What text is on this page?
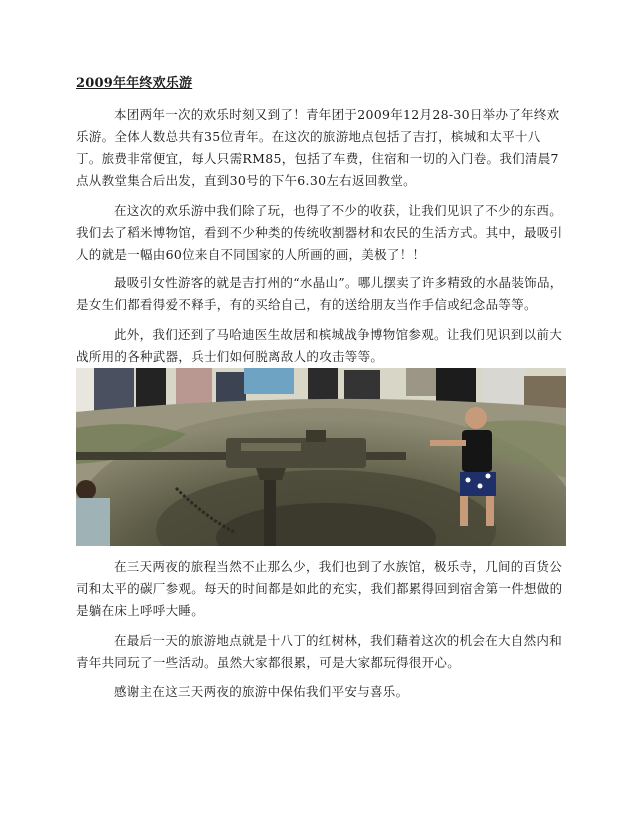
2009年年终欢乐游

本团两年一次的欢乐时刻又到了！青年团于2009年12月28-30日举办了年终欢乐游。全体人数总共有35位青年。在这次的旅游地点包括了吉打，槟城和太平十八丁。旅费非常便宜，每人只需RM85，包括了车费，住宿和一切的入门卷。我们清晨7点从教堂集合后出发，直到30号的下午6.30左右返回教堂。

在这次的欢乐游中我们除了玩，也得了不少的收获，让我们见识了不少的东西。我们去了稻米博物馆，看到不少种类的传统收割器材和农民的生活方式。其中，最吸引人的就是一幅由60位来自不同国家的人所画的画，美极了！！

最吸引女性游客的就是吉打州的“水晶山”。哪儿摆卖了许多精致的水晶装饰品，是女生们都看得爱不释手，有的买给自己，有的送给朋友当作手信或纪念品等等。

此外，我们还到了马哈迪医生故居和槟城战争博物馆参观。让我们见识到以前大战所用的各种武器，兵士们如何脱离敌人的攻击等等。

在三天两夜的旅程当然不止那么少，我们也到了水族馆，极乐寺，几间的百货公司和太平的碳厂参观。每天的时间都是如此的充实，我们都累得回到宿舍第一件想做的是躺在床上呼呼大睡。

在最后一天的旅游地点就是十八丁的红树林，我们藉着这次的机会在大自然内和青年共同玩了一些活动。虽然大家都很累，可是大家都玩得很开心。

感谢主在这三天两夜的旅游中保佑我们平安与喜乐。
